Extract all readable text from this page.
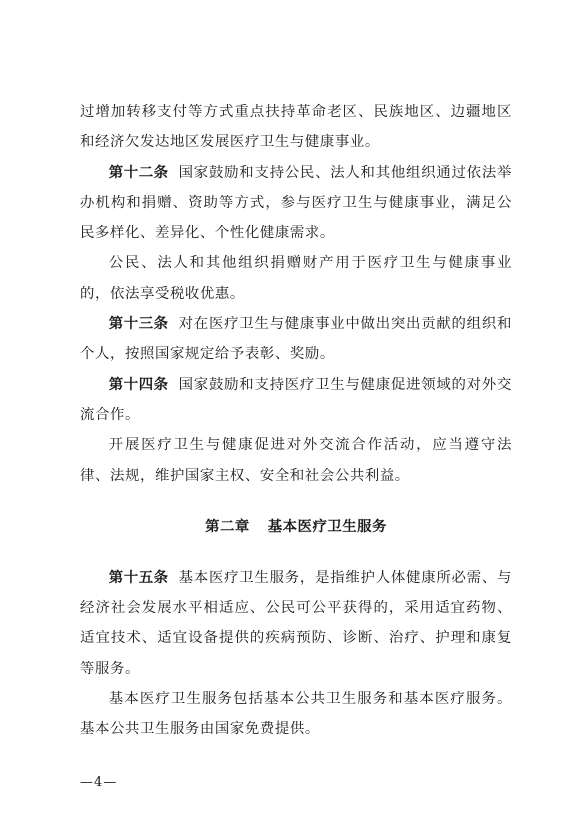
过增加转移支付等方式重点扶持革命老区、民族地区、边疆地区和经济欠发达地区发展医疗卫生与健康事业。

第十二条 国家鼓励和支持公民、法人和其他组织通过依法举办机构和捐赠、资助等方式，参与医疗卫生与健康事业，满足公民多样化、差异化、个性化健康需求。

公民、法人和其他组织捐赠财产用于医疗卫生与健康事业的，依法享受税收优惠。

第十三条 对在医疗卫生与健康事业中做出突出贡献的组织和个人，按照国家规定给予表彰、奖励。

第十四条 国家鼓励和支持医疗卫生与健康促进领域的对外交流合作。

开展医疗卫生与健康促进对外交流合作活动，应当遵守法律、法规，维护国家主权、安全和社会公共利益。

第二章 基本医疗卫生服务

第十五条 基本医疗卫生服务，是指维护人体健康所必需、与经济社会发展水平相适应、公民可公平获得的，采用适宜药物、适宜技术、适宜设备提供的疾病预防、诊断、治疗、护理和康复等服务。

基本医疗卫生服务包括基本公共卫生服务和基本医疗服务。基本公共卫生服务由国家免费提供。

—4—
